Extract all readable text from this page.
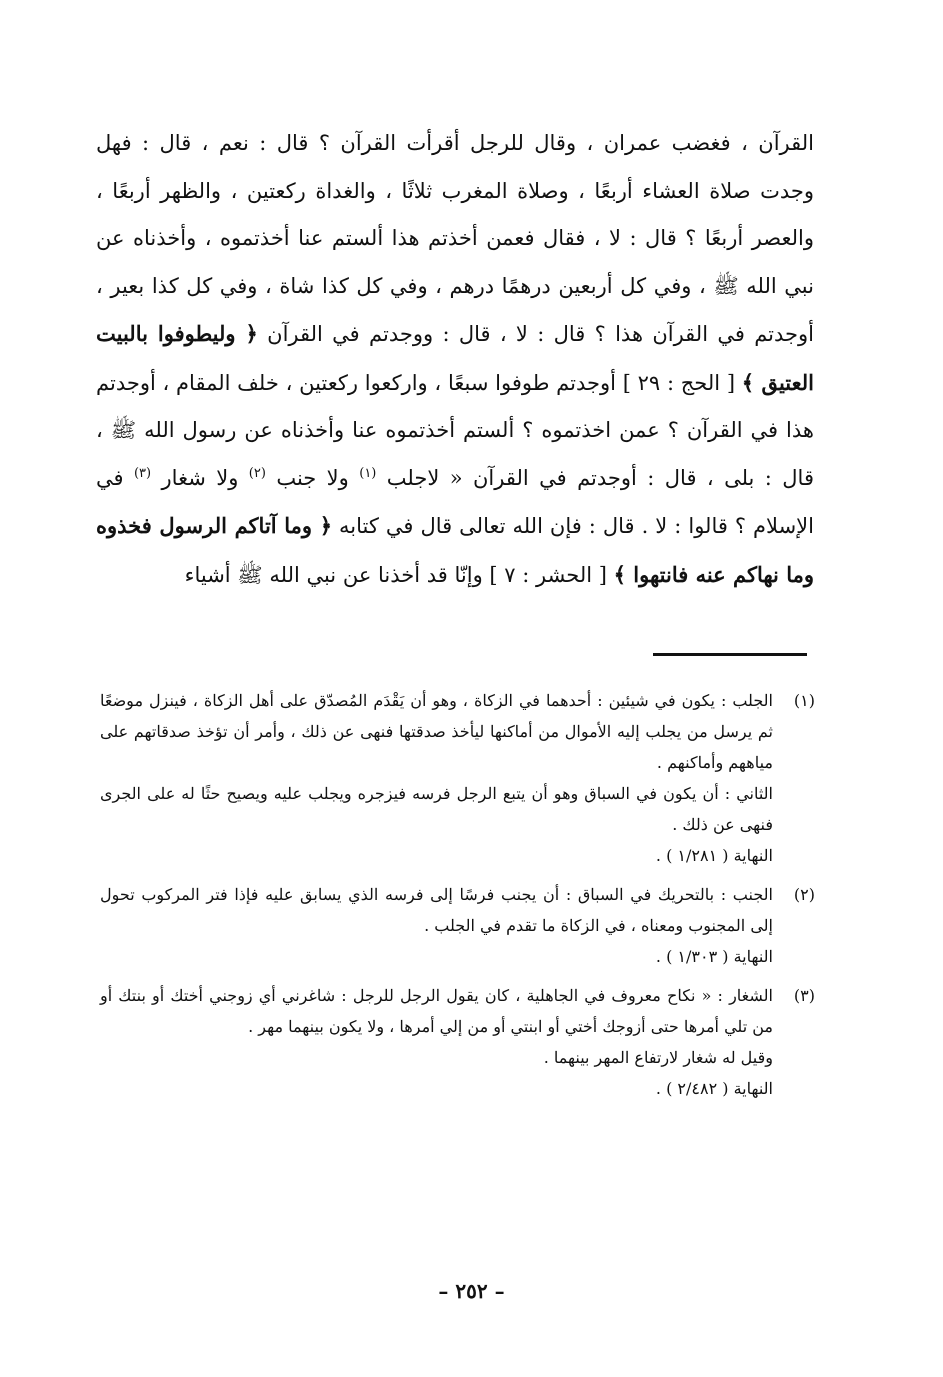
القرآن ، فغضب عمران ، وقال للرجل أقرأت القرآن ؟ قال : نعم ، قال : فهل وجدت صلاة العشاء أربعًا ، وصلاة المغرب ثلاثًا ، والغداة ركعتين ، والظهر أربعًا ، والعصر أربعًا ؟ قال : لا ، فقال فعمن أخذتم هذا ألستم عنا أخذتموه ، وأخذناه عن نبي الله ﷺ ، وفي كل أربعين درهمًا درهم ، وفي كل كذا شاة ، وفي كل كذا بعير ، أوجدتم في القرآن هذا ؟ قال : لا ، قال : ووجدتم في القرآن ﴿ وليطوفوا بالبيت العتيق ﴾ [ الحج : ٢٩ ] أوجدتم طوفوا سبعًا ، واركعوا ركعتين ، خلف المقام ، أوجدتم هذا في القرآن ؟ عمن اخذتموه ؟ ألستم أخذتموه عنا وأخذناه عن رسول الله ﷺ ، قال : بلى ، قال : أوجدتم في القرآن « لاجلب $^{(١)}$ ولا جنب $^{(٢)}$ ولا شغار $^{(٣)}$ في الإسلام ؟ قالوا : لا . قال : فإن الله تعالى قال في كتابه ﴿ وما آتاكم الرسول فخذوه وما نهاكم عنه فانتهوا ﴾ [ الحشر : ٧ ] وإنّا قد أخذنا عن نبي الله ﷺ أشياء

(١)

الجلب : يكون في شيئين : أحدهما في الزكاة ، وهو أن يَقْدَم المُصدّق على أهل الزكاة ، فينزل موضعًا ثم يرسل من يجلب إليه الأموال من أماكنها ليأخذ صدقتها فنهى عن ذلك ، وأمر أن تؤخذ صدقاتهم على مياههم وأماكنهم .

الثاني : أن يكون في السباق وهو أن يتبع الرجل فرسه فيزجره ويجلب عليه ويصيح حثًا له على الجرى فنهى عن ذلك .

النهاية ( ١/٢٨١ ) .

(٢)

الجنب : بالتحريك في السباق : أن يجنب فرسًا إلى فرسه الذي يسابق عليه فإذا فتر المركوب تحول إلى المجنوب ومعناه ، في الزكاة ما تقدم في الجلب .

النهاية ( ١/٣٠٣ ) .

(٣)

الشغار : « نكاح معروف في الجاهلية ، كان يقول الرجل للرجل : شاغرني أي زوجني أختك أو بنتك أو من تلي أمرها حتى أزوجك أختي أو ابنتي أو من إلي أمرها ، ولا يكون بينهما مهر .

وقيل له شغار لارتفاع المهر بينهما .

النهاية ( ٢/٤٨٢ ) .

– ٢٥٢ –
